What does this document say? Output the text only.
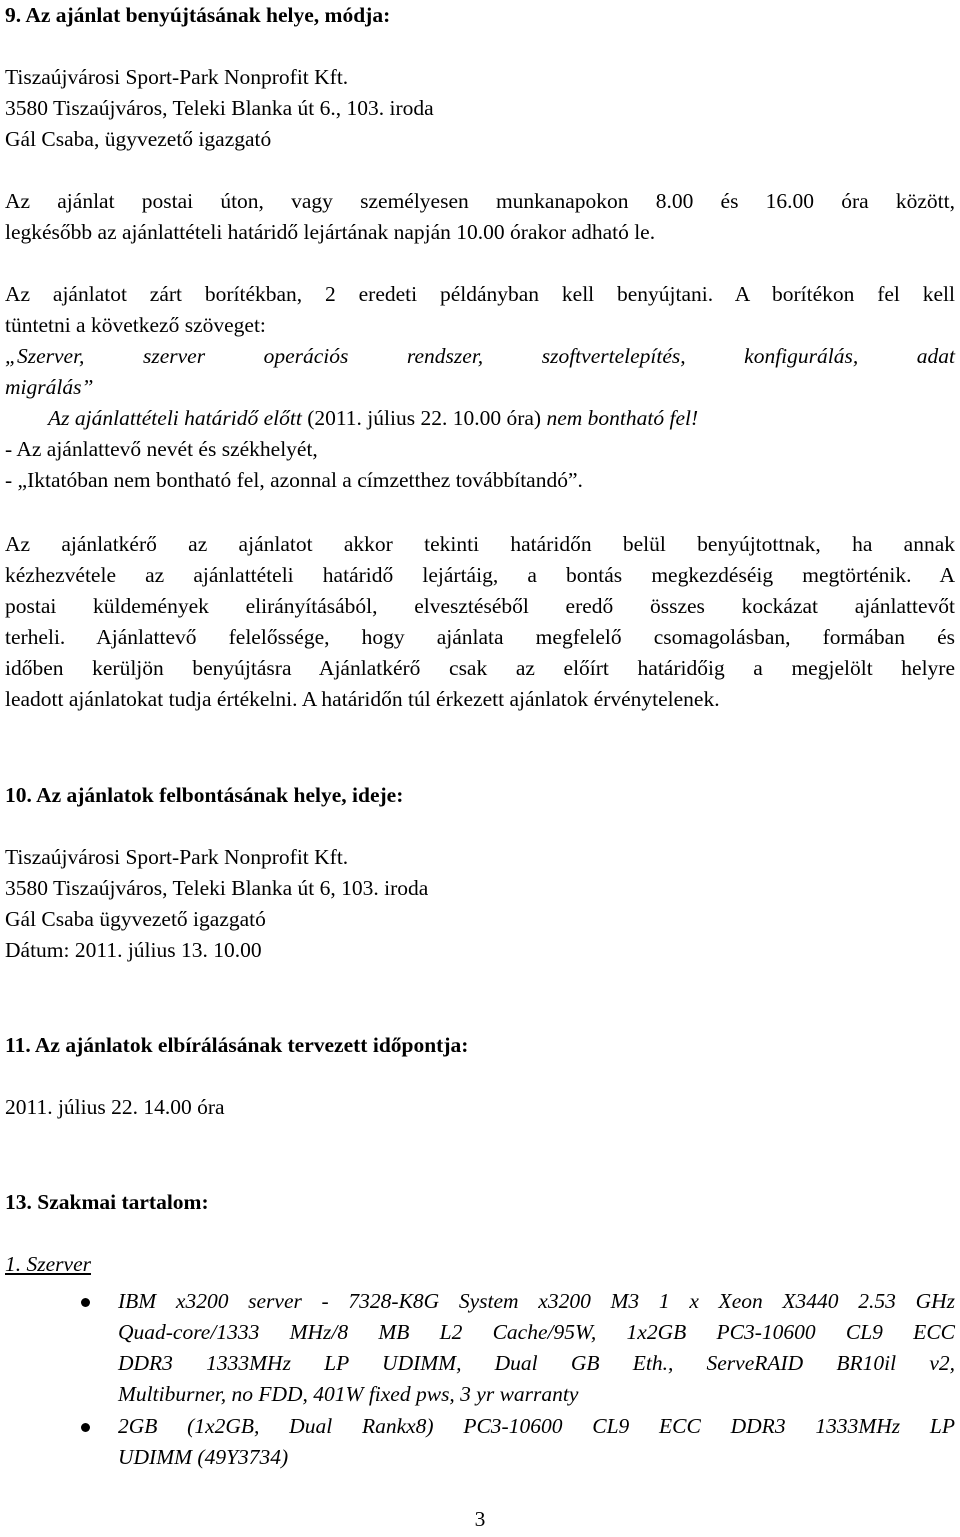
9. Az ajánlat benyújtásának helye, módja:
Tiszaújvárosi Sport-Park Nonprofit Kft.
3580 Tiszaújváros, Teleki Blanka út 6., 103. iroda
Gál Csaba, ügyvezető igazgató
Az ajánlat postai úton, vagy személyesen munkanapokon 8.00 és 16.00 óra között,
legkésőbb az ajánlattételi határidő lejártának napján 10.00 órakor adható le.
Az ajánlatot zárt borítékban, 2 eredeti példányban kell benyújtani. A borítékon fel kell
tüntetni a következő szöveget:
„Szerver, szerver operációs rendszer, szoftvertelepítés, konfigurálás, adat
migrálás”
Az ajánlattételi határidő előtt (2011. július 22. 10.00 óra) nem bontható fel!
- Az ajánlattevő nevét és székhelyét,
- „Iktatóban nem bontható fel, azonnal a címzetthez továbbítandó”.
Az ajánlatkérő az ajánlatot akkor tekinti határidőn belül benyújtottnak, ha annak
kézhezvétele az ajánlattételi határidő lejártáig, a bontás megkezdéséig megtörténik. A
postai küldemények elirányításából, elvesztéséből eredő összes kockázat ajánlattevőt
terheli. Ajánlattevő felelőssége, hogy ajánlata megfelelő csomagolásban, formában és
időben kerüljön benyújtásra Ajánlatkérő csak az előírt határidőig a megjelölt helyre
leadott ajánlatokat tudja értékelni. A határidőn túl érkezett ajánlatok érvénytelenek.
10. Az ajánlatok felbontásának helye, ideje:
Tiszaújvárosi Sport-Park Nonprofit Kft.
3580 Tiszaújváros, Teleki Blanka út 6, 103. iroda
Gál Csaba ügyvezető igazgató
Dátum: 2011. július 13. 10.00
11. Az ajánlatok elbírálásának tervezett időpontja:
2011. július 22. 14.00 óra
13. Szakmai tartalom:
1. Szerver
IBM x3200 server - 7328-K8G System x3200 M3 1 x Xeon X3440 2.53 GHz
Quad-core/1333 MHz/8 MB L2 Cache/95W, 1x2GB PC3-10600 CL9 ECC
DDR3 1333MHz LP UDIMM, Dual GB Eth., ServeRAID BR10il v2,
Multiburner, no FDD, 401W fixed pws, 3 yr warranty
2GB (1x2GB, Dual Rankx8) PC3-10600 CL9 ECC DDR3 1333MHz LP
UDIMM (49Y3734)
3
